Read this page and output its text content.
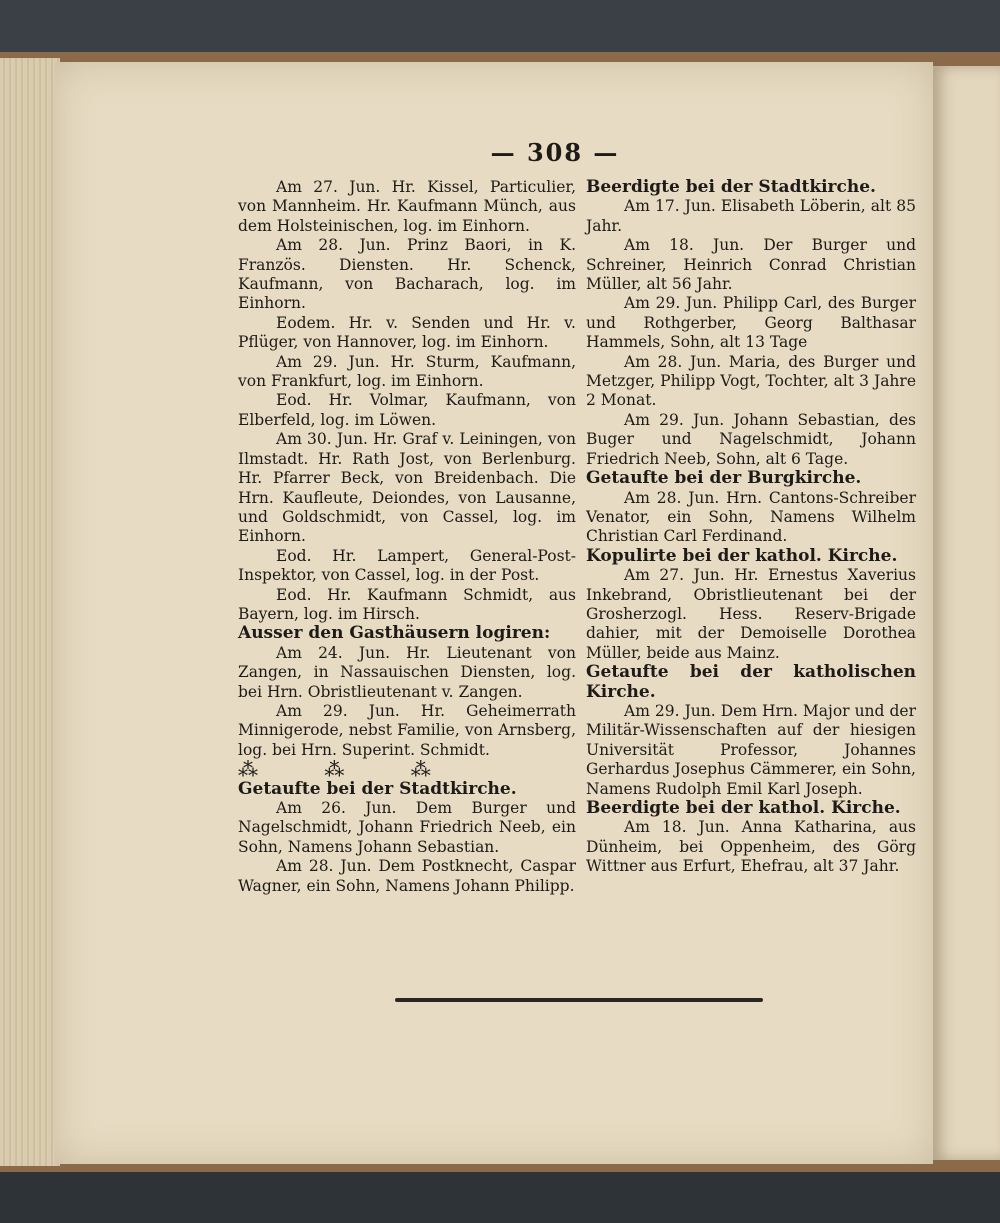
— 308 —

Am 27. Jun. Hr. Kissel, Particulier, von Mannheim. Hr. Kaufmann Münch, aus dem Holsteinischen, log. im Einhorn.

Am 28. Jun. Prinz Baori, in K. Französ. Diensten. Hr. Schenck, Kaufmann, von Bacharach, log. im Einhorn.

Eodem. Hr. v. Senden und Hr. v. Pflüger, von Hannover, log. im Einhorn.

Am 29. Jun. Hr. Sturm, Kaufmann, von Frankfurt, log. im Einhorn.

Eod. Hr. Volmar, Kaufmann, von Elberfeld, log. im Löwen.

Am 30. Jun. Hr. Graf v. Leiningen, von Ilmstadt. Hr. Rath Jost, von Berlenburg. Hr. Pfarrer Beck, von Breidenbach. Die Hrn. Kaufleute, Deiondes, von Lausanne, und Goldschmidt, von Cassel, log. im Einhorn.

Eod. Hr. Lampert, General-Post-Inspektor, von Cassel, log. in der Post.

Eod. Hr. Kaufmann Schmidt, aus Bayern, log. im Hirsch.

Ausser den Gasthäusern logiren:

Am 24. Jun. Hr. Lieutenant von Zangen, in Nassauischen Diensten, log. bei Hrn. Obristlieutenant v. Zangen.

Am 29. Jun. Hr. Geheimerrath Minnigerode, nebst Familie, von Arnsberg, log. bei Hrn. Superint. Schmidt.

⁂ ⁂ ⁂

Getaufte bei der Stadtkirche.

Am 26. Jun. Dem Burger und Nagelschmidt, Johann Friedrich Neeb, ein Sohn, Namens Johann Sebastian.

Am 28. Jun. Dem Postknecht, Caspar Wagner, ein Sohn, Namens Johann Philipp.

Beerdigte bei der Stadtkirche.

Am 17. Jun. Elisabeth Löberin, alt 85 Jahr.

Am 18. Jun. Der Burger und Schreiner, Heinrich Conrad Christian Müller, alt 56 Jahr.

Am 29. Jun. Philipp Carl, des Burger und Rothgerber, Georg Balthasar Hammels, Sohn, alt 13 Tage

Am 28. Jun. Maria, des Burger und Metzger, Philipp Vogt, Tochter, alt 3 Jahre 2 Monat.

Am 29. Jun. Johann Sebastian, des Buger und Nagelschmidt, Johann Friedrich Neeb, Sohn, alt 6 Tage.

Getaufte bei der Burgkirche.

Am 28. Jun. Hrn. Cantons-Schreiber Venator, ein Sohn, Namens Wilhelm Christian Carl Ferdinand.

Kopulirte bei der kathol. Kirche.

Am 27. Jun. Hr. Ernestus Xaverius Inkebrand, Obristlieutenant bei der Grosherzogl. Hess. Reserv-Brigade dahier, mit der Demoiselle Dorothea Müller, beide aus Mainz.

Getaufte bei der katholischen Kirche.

Am 29. Jun. Dem Hrn. Major und der Militär-Wissenschaften auf der hiesigen Universität Professor, Johannes Gerhardus Josephus Cämmerer, ein Sohn, Namens Rudolph Emil Karl Joseph.

Beerdigte bei der kathol. Kirche.

Am 18. Jun. Anna Katharina, aus Dünheim, bei Oppenheim, des Görg Wittner aus Erfurt, Ehefrau, alt 37 Jahr.
